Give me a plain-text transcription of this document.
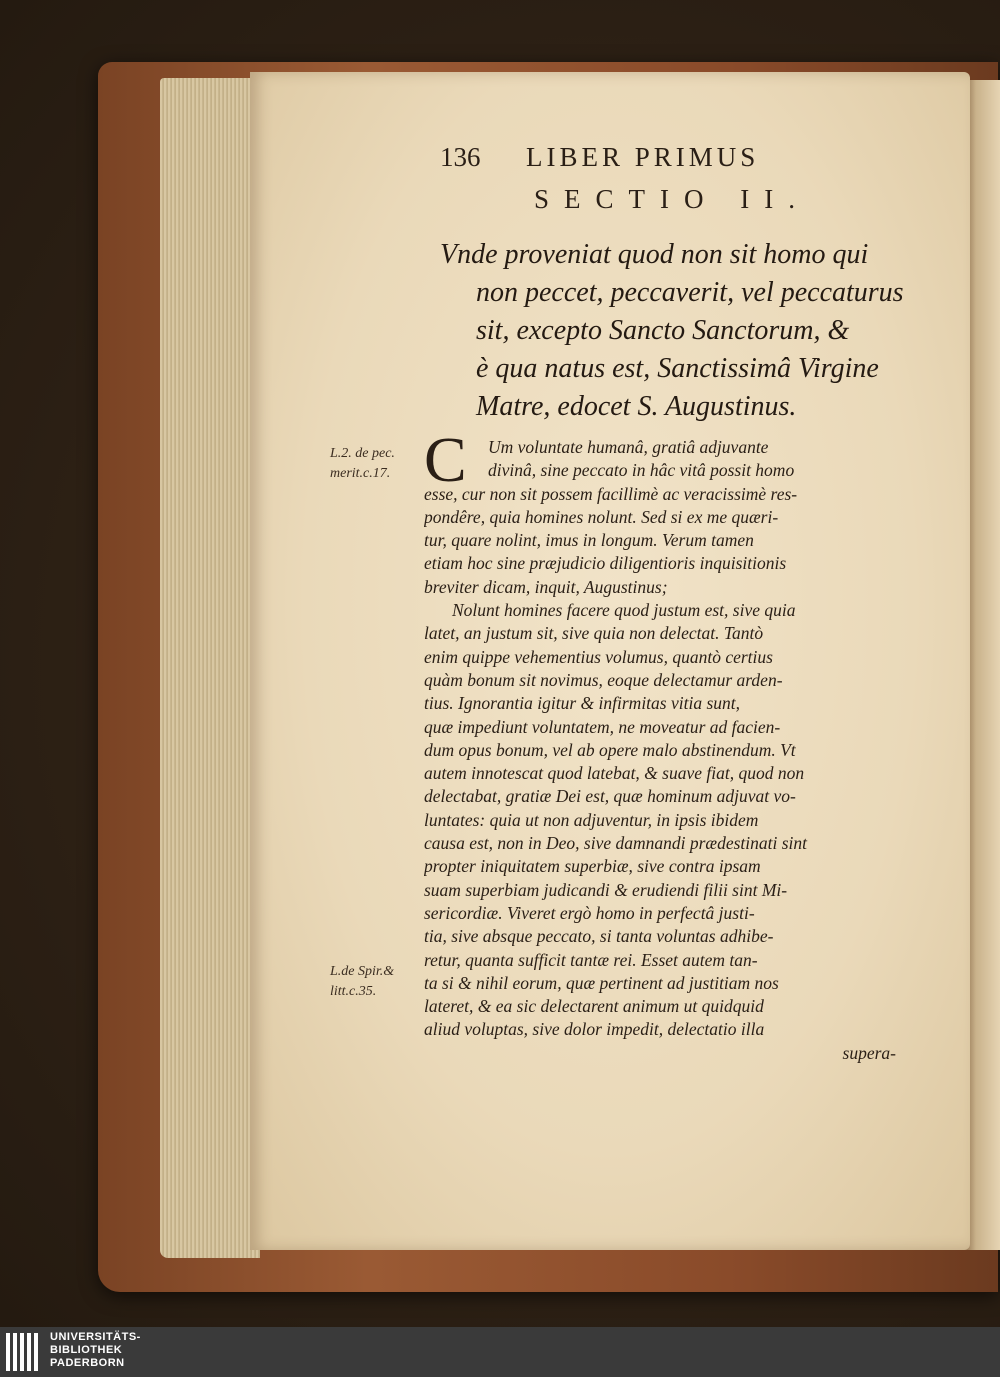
136 LIBER PRIMUS
SECTIO II.
Vnde proveniat quod non sit homo qui
non peccet, peccaverit, vel peccaturus
sit, excepto Sancto Sanctorum, &
è qua natus est, Sanctissimâ Virgine
Matre, edocet S. Augustinus.
L.2. de pec.
merit.c.17.
L.de Spir.&
litt.c.35.
C	Um voluntate humanâ, gratiâ adjuvante
divinâ, sine peccato in hâc vitâ possit homo
esse, cur non sit possem facillimè ac veracissimè res-
pondêre, quia homines nolunt. Sed si ex me quæri-
tur, quare nolint, imus in longum. Verum tamen
etiam hoc sine præjudicio diligentioris inquisitionis
breviter dicam, inquit, Augustinus;
Nolunt homines facere quod justum est, sive quia
latet, an justum sit, sive quia non delectat. Tantò
enim quippe vehementius volumus, quantò certius
quàm bonum sit novimus, eoque delectamur arden-
tius. Ignorantia igitur & infirmitas vitia sunt,
quæ impediunt voluntatem, ne moveatur ad facien-
dum opus bonum, vel ab opere malo abstinendum. Vt
autem innotescat quod latebat, & suave fiat, quod non
delectabat, gratiæ Dei est, quæ hominum adjuvat vo-
luntates: quia ut non adjuventur, in ipsis ibidem
causa est, non in Deo, sive damnandi prædestinati sint
propter iniquitatem superbiæ, sive contra ipsam
suam superbiam judicandi & erudiendi filii sint Mi-
sericordiæ. Viveret ergò homo in perfectâ justi-
tia, sive absque peccato, si tanta voluntas adhibe-
retur, quanta sufficit tantæ rei. Esset autem tan-
ta si & nihil eorum, quæ pertinent ad justitiam nos
lateret, & ea sic delectarent animum ut quidquid
aliud voluptas, sive dolor impedit, delectatio illa
supera-
UNIVERSITÄTS-
BIBLIOTHEK
PADERBORN
